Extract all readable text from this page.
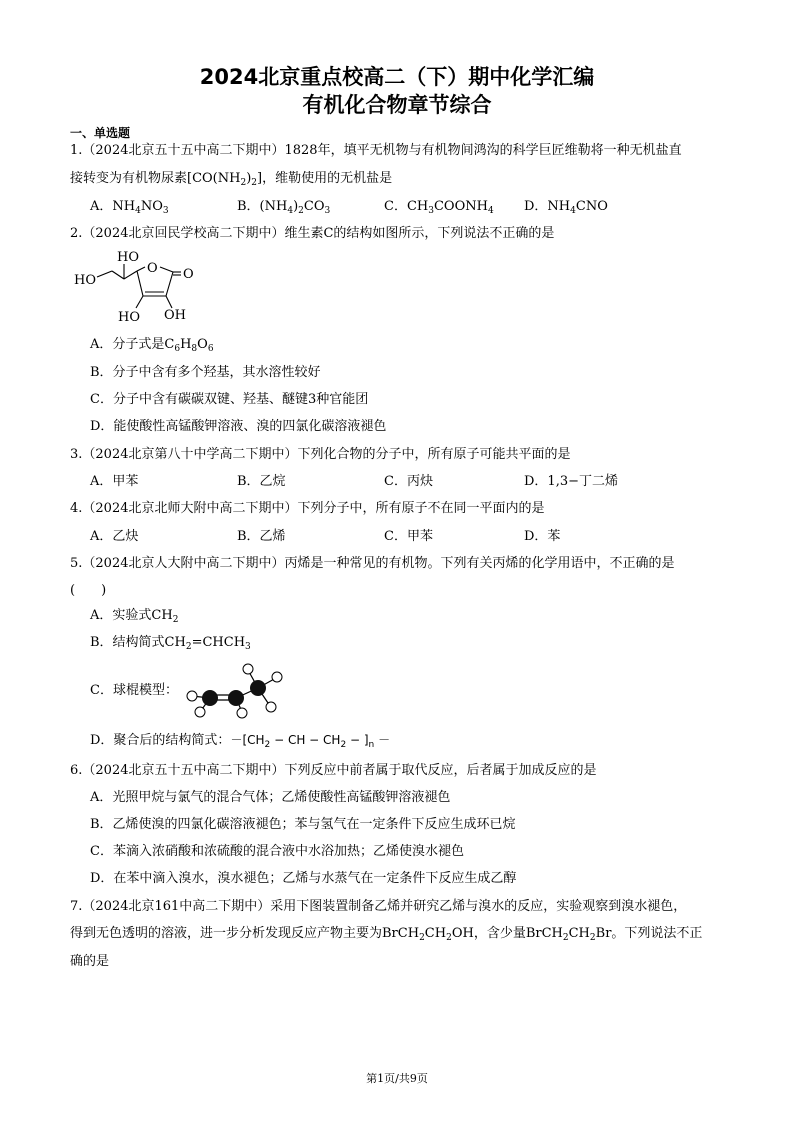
2024北京重点校高二（下）期中化学汇编
有机化合物章节综合
一、单选题
1.（2024北京五十五中高二下期中）1828年，填平无机物与有机物间鸿沟的科学巨匠维勒将一种无机盐直
接转变为有机物尿素$[CO(NH_2)_2]$，维勒使用的无机盐是
A．$NH_4NO_3$	B．$(NH_4)_2CO_3$	C．$CH_3COONH_4$ D．$NH_4CNO$
2.（2024北京回民学校高二下期中）维生素C的结构如图所示，下列说法不正确的是
HO
HO
O O
HO OH
A．分子式是$C_6H_8O_6$
B．分子中含有多个羟基，其水溶性较好
C．分子中含有碳碳双键、羟基、醚键3种官能团
D．能使酸性高锰酸钾溶液、溴的四氯化碳溶液褪色
3.（2024北京第八十中学高二下期中）下列化合物的分子中，所有原子可能共平面的是
A．甲苯	B．乙烷	C．丙炔	D．1,3−丁二烯
4.（2024北京北师大附中高二下期中）下列分子中，所有原子不在同一平面内的是
A．乙炔	B．乙烯	C．甲苯	D．苯
5.（2024北京人大附中高二下期中）丙烯是一种常见的有机物。下列有关丙烯的化学用语中，不正确的是
(　　)
A．实验式$CH_2$
B．结构简式$CH_2=CHCH_3$
C．球棍模型：
D．聚合后的结构简式：$-[CH_2$ − CH − $CH_2 - ]_n$ －
6.（2024北京五十五中高二下期中）下列反应中前者属于取代反应，后者属于加成反应的是
A．光照甲烷与氯气的混合气体；乙烯使酸性高锰酸钾溶液褪色
B．乙烯使溴的四氯化碳溶液褪色；苯与氢气在一定条件下反应生成环已烷
C．苯滴入浓硝酸和浓硫酸的混合液中水浴加热；乙烯使溴水褪色
D．在苯中滴入溴水，溴水褪色；乙烯与水蒸气在一定条件下反应生成乙醇
7.（2024北京161中高二下期中）采用下图装置制备乙烯并研究乙烯与溴水的反应，实验观察到溴水褪色，
得到无色透明的溶液，进一步分析发现反应产物主要为$BrCH_2CH_2OH$，含少量$BrCH_2CH_2Br$。下列说法不正
确的是
第1页/共9页
